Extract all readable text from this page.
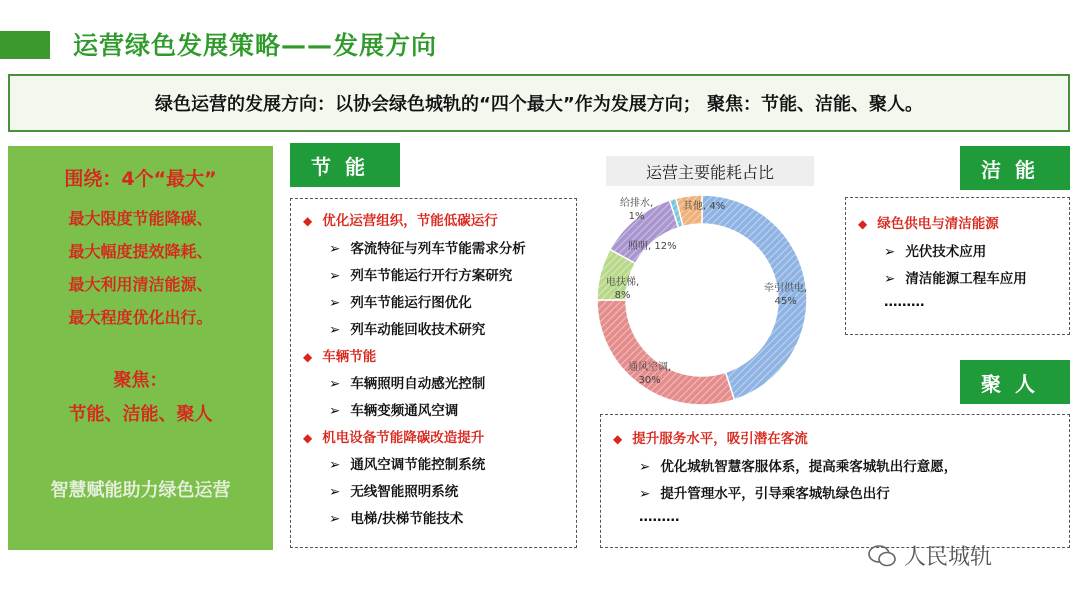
运营绿色发展策略——发展方向
绿色运营的发展方向：以协会绿色城轨的“四个最大”作为发展方向； 聚焦：节能、洁能、聚人。
围绕：4个“最大”
最大限度节能降碳、
最大幅度提效降耗、
最大利用清洁能源、
最大程度优化出行。
聚焦：
节能、洁能、聚人
智慧赋能助力绿色运营
节能
◆ 优化运营组织，节能低碳运行
➢ 客流特征与列车节能需求分析
➢ 列车节能运行开行方案研究
➢ 列车节能运行图优化
➢ 列车动能回收技术研究
◆ 车辆节能
➢ 车辆照明自动感光控制
➢ 车辆变频通风空调
◆ 机电设备节能降碳改造提升
➢ 通风空调节能控制系统
➢ 无线智能照明系统
➢ 电梯/扶梯节能技术
运营主要能耗占比
牵引供电,
45%
通风空调,
30%
电扶梯,
8%
照明, 12%
给排水,
1%
其他, 4%
洁能
◆ 绿色供电与清洁能源
➢ 光伏技术应用
➢ 清洁能源工程车应用
………
聚人
◆ 提升服务水平，吸引潜在客流
➢ 优化城轨智慧客服体系，提高乘客城轨出行意愿，
➢ 提升管理水平，引导乘客城轨绿色出行
………
人民城轨
